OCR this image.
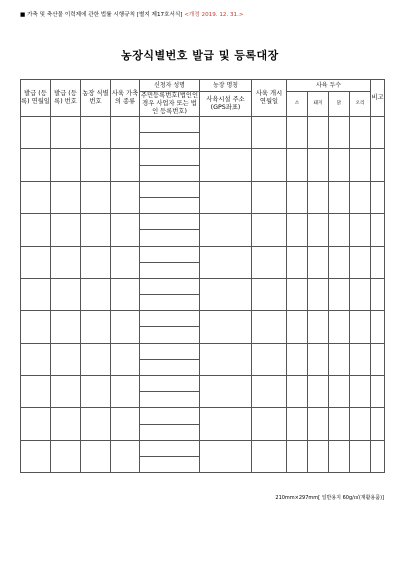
■ 가축 및 축산물 이력제에 관한 법률 시행규칙 [별지 제17호서식] <개정 2019. 12. 31.>
농장식별번호 발급 및 등록대장
발급 (등록) 연월일	발급 (등록) 번호	농장 식별 번호	사육 가축의 종류	신청자 성명	농장 명칭	사육 개시 연월일	사육 두수				비고
				주민등록번호(법인인 경우 사업자 또는 법인 등록번호)	사육시설 주소 (GPS좌표)		소	돼지	닭	오리	

210mm×297mm[ 일반용지 60g/㎡(재활용품)]
